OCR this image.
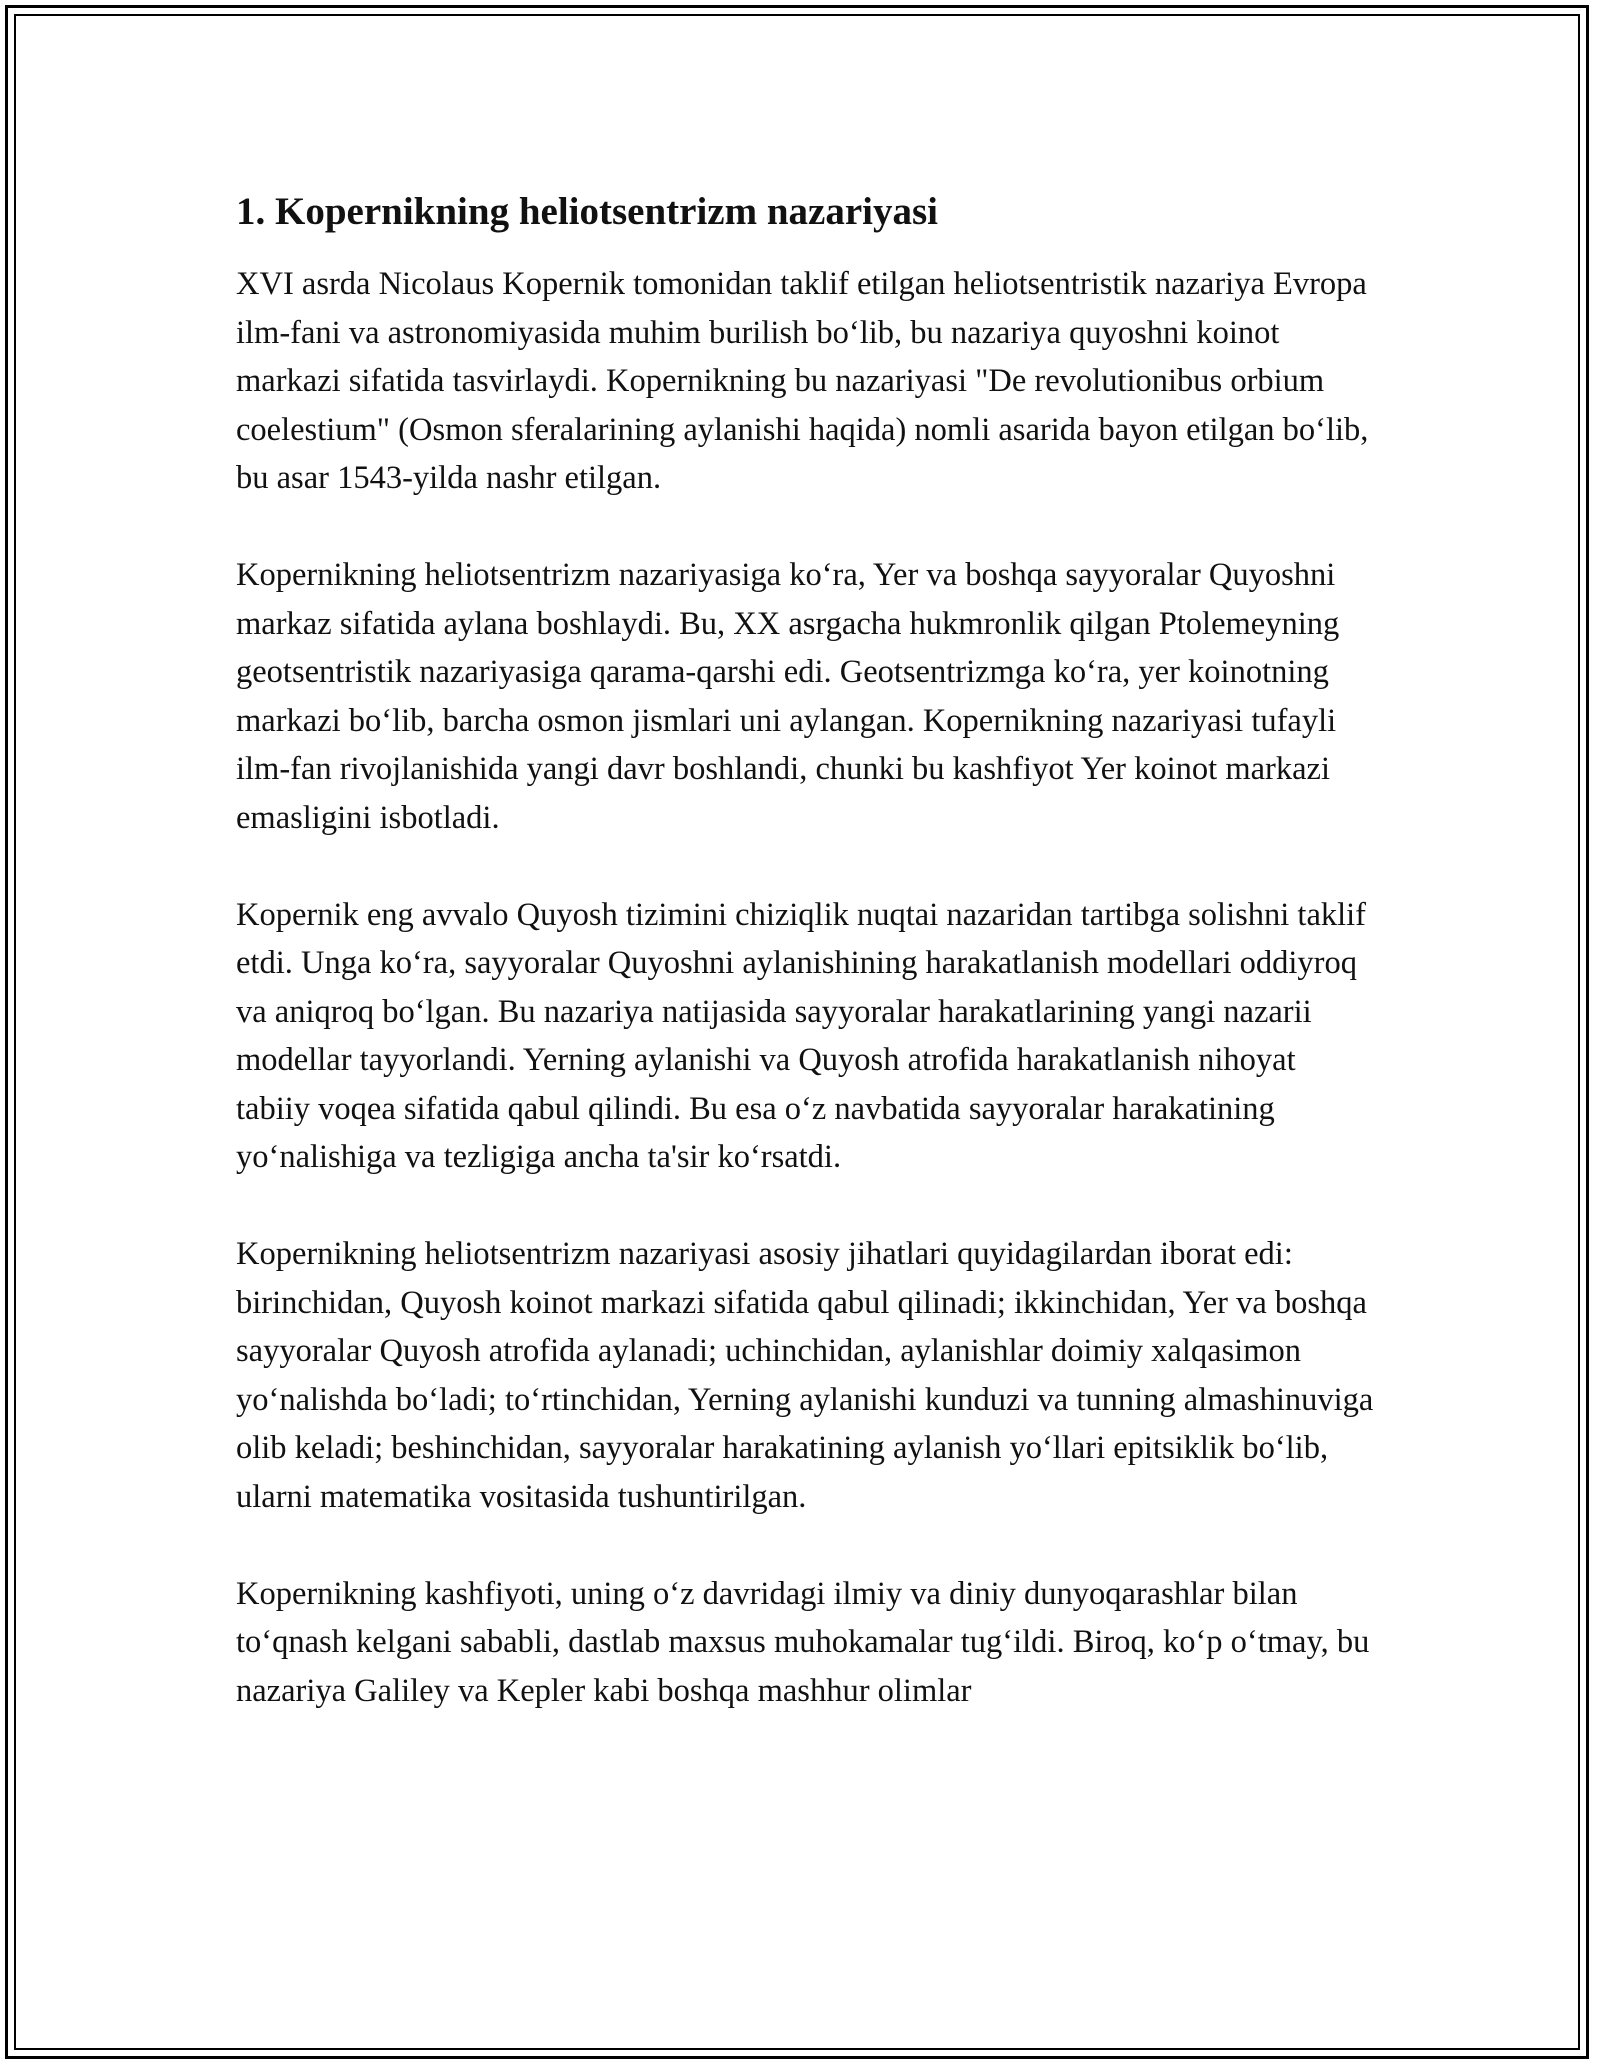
1. Kopernikning heliotsentrizm nazariyasi

XVI asrda Nicolaus Kopernik tomonidan taklif etilgan heliotsentristik nazariya Evropa ilm-fani va astronomiyasida muhim burilish bo‘lib, bu nazariya quyoshni koinot markazi sifatida tasvirlaydi. Kopernikning bu nazariyasi "De revolutionibus orbium coelestium" (Osmon sferalarining aylanishi haqida) nomli asarida bayon etilgan bo‘lib, bu asar 1543-yilda nashr etilgan.

Kopernikning heliotsentrizm nazariyasiga ko‘ra, Yer va boshqa sayyoralar Quyoshni markaz sifatida aylana boshlaydi. Bu, XX asrgacha hukmronlik qilgan Ptolemeyning geotsentristik nazariyasiga qarama-qarshi edi. Geotsentrizmga ko‘ra, yer koinotning markazi bo‘lib, barcha osmon jismlari uni aylangan. Kopernikning nazariyasi tufayli ilm-fan rivojlanishida yangi davr boshlandi, chunki bu kashfiyot Yer koinot markazi emasligini isbotladi.

Kopernik eng avvalo Quyosh tizimini chiziqlik nuqtai nazaridan tartibga solishni taklif etdi. Unga ko‘ra, sayyoralar Quyoshni aylanishining harakatlanish modellari oddiyroq va aniqroq bo‘lgan. Bu nazariya natijasida sayyoralar harakatlarining yangi nazarii modellar tayyorlandi. Yerning aylanishi va Quyosh atrofida harakatlanish nihoyat tabiiy voqea sifatida qabul qilindi. Bu esa o‘z navbatida sayyoralar harakatining yo‘nalishiga va tezligiga ancha ta'sir ko‘rsatdi.

Kopernikning heliotsentrizm nazariyasi asosiy jihatlari quyidagilardan iborat edi: birinchidan, Quyosh koinot markazi sifatida qabul qilinadi; ikkinchidan, Yer va boshqa sayyoralar Quyosh atrofida aylanadi; uchinchidan, aylanishlar doimiy xalqasimon yo‘nalishda bo‘ladi; to‘rtinchidan, Yerning aylanishi kunduzi va tunning almashinuviga olib keladi; beshinchidan, sayyoralar harakatining aylanish yo‘llari epitsiklik bo‘lib, ularni matematika vositasida tushuntirilgan.

Kopernikning kashfiyoti, uning o‘z davridagi ilmiy va diniy dunyoqarashlar bilan to‘qnash kelgani sababli, dastlab maxsus muhokamalar tug‘ildi. Biroq, ko‘p o‘tmay, bu nazariya Galiley va Kepler kabi boshqa mashhur olimlar
